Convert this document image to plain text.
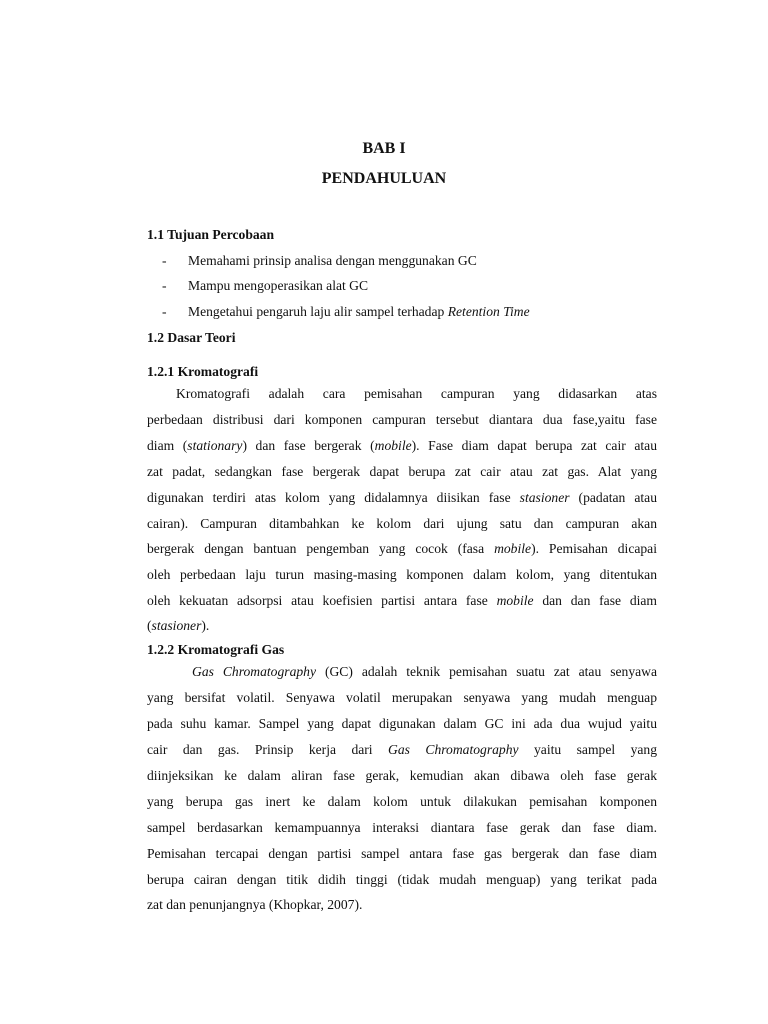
BAB I
PENDAHULUAN
1.1 Tujuan Percobaan
- Memahami prinsip analisa dengan menggunakan GC
- Mampu mengoperasikan alat GC
- Mengetahui pengaruh laju alir sampel terhadap Retention Time
1.2 Dasar Teori
1.2.1 Kromatografi
Kromatografi adalah cara pemisahan campuran yang didasarkan atas
perbedaan distribusi dari komponen campuran tersebut diantara dua fase,yaitu fase
diam (stationary) dan fase bergerak (mobile). Fase diam dapat berupa zat cair atau
zat padat, sedangkan fase bergerak dapat berupa zat cair atau zat gas. Alat yang
digunakan terdiri atas kolom yang didalamnya diisikan fase stasioner (padatan atau
cairan). Campuran ditambahkan ke kolom dari ujung satu dan campuran akan
bergerak dengan bantuan pengemban yang cocok (fasa mobile). Pemisahan dicapai
oleh perbedaan laju turun masing-masing komponen dalam kolom, yang ditentukan
oleh kekuatan adsorpsi atau koefisien partisi antara fase mobile dan dan fase diam
(stasioner).
1.2.2 Kromatografi Gas
Gas Chromatography (GC) adalah teknik pemisahan suatu zat atau senyawa
yang bersifat volatil. Senyawa volatil merupakan senyawa yang mudah menguap
pada suhu kamar. Sampel yang dapat digunakan dalam GC ini ada dua wujud yaitu
cair dan gas. Prinsip kerja dari Gas Chromatography yaitu sampel yang
diinjeksikan ke dalam aliran fase gerak, kemudian akan dibawa oleh fase gerak
yang berupa gas inert ke dalam kolom untuk dilakukan pemisahan komponen
sampel berdasarkan kemampuannya interaksi diantara fase gerak dan fase diam.
Pemisahan tercapai dengan partisi sampel antara fase gas bergerak dan fase diam
berupa cairan dengan titik didih tinggi (tidak mudah menguap) yang terikat pada
zat dan penunjangnya (Khopkar, 2007).
